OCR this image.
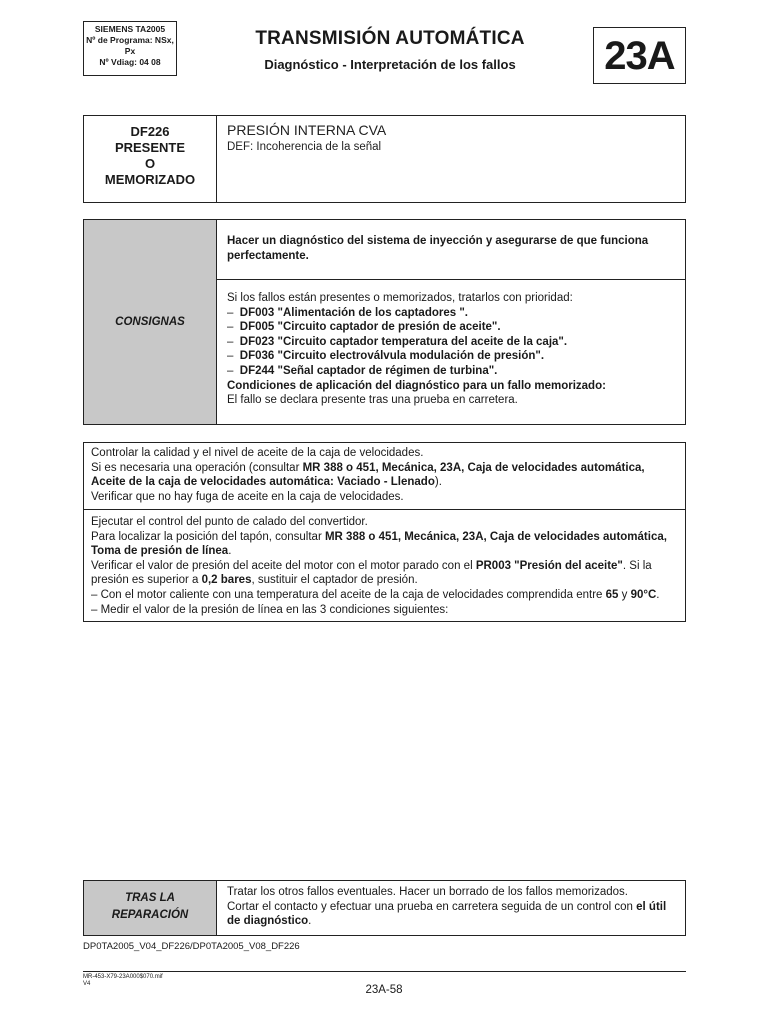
SIEMENS TA2005
Nº de Programa: NSx,
Px
Nº Vdiag: 04 08
TRANSMISIÓN AUTOMÁTICA
Diagnóstico - Interpretación de los fallos	23A
DF226
PRESENTE
O
MEMORIZADO
PRESIÓN INTERNA CVA
DEF: Incoherencia de la señal
CONSIGNAS
Hacer un diagnóstico del sistema de inyección y asegurarse de que funciona perfectamente.
Si los fallos están presentes o memorizados, tratarlos con prioridad:
– DF003 "Alimentación de los captadores ".
– DF005 "Circuito captador de presión de aceite".
– DF023 "Circuito captador temperatura del aceite de la caja".
– DF036 "Circuito electroválvula modulación de presión".
– DF244 "Señal captador de régimen de turbina".
Condiciones de aplicación del diagnóstico para un fallo memorizado:
El fallo se declara presente tras una prueba en carretera.
Controlar la calidad y el nivel de aceite de la caja de velocidades.
Si es necesaria una operación (consultar MR 388 o 451, Mecánica, 23A, Caja de velocidades automática,
Aceite de la caja de velocidades automática: Vaciado - Llenado).
Verificar que no hay fuga de aceite en la caja de velocidades.
Ejecutar el control del punto de calado del convertidor.
Para localizar la posición del tapón, consultar MR 388 o 451, Mecánica, 23A, Caja de velocidades automática,
Toma de presión de línea.
Verificar el valor de presión del aceite del motor con el motor parado con el PR003 "Presión del aceite". Si la
presión es superior a 0,2 bares, sustituir el captador de presión.
– Con el motor caliente con una temperatura del aceite de la caja de velocidades comprendida entre 65 y 90°C.
– Medir el valor de la presión de línea en las 3 condiciones siguientes:
TRAS LA
REPARACIÓN
Tratar los otros fallos eventuales. Hacer un borrado de los fallos memorizados.
Cortar el contacto y efectuar una prueba en carretera seguida de un control con el útil
de diagnóstico.
DP0TA2005_V04_DF226/DP0TA2005_V08_DF226
MR-453-X79-23A000$070.mif
V4	23A-58
